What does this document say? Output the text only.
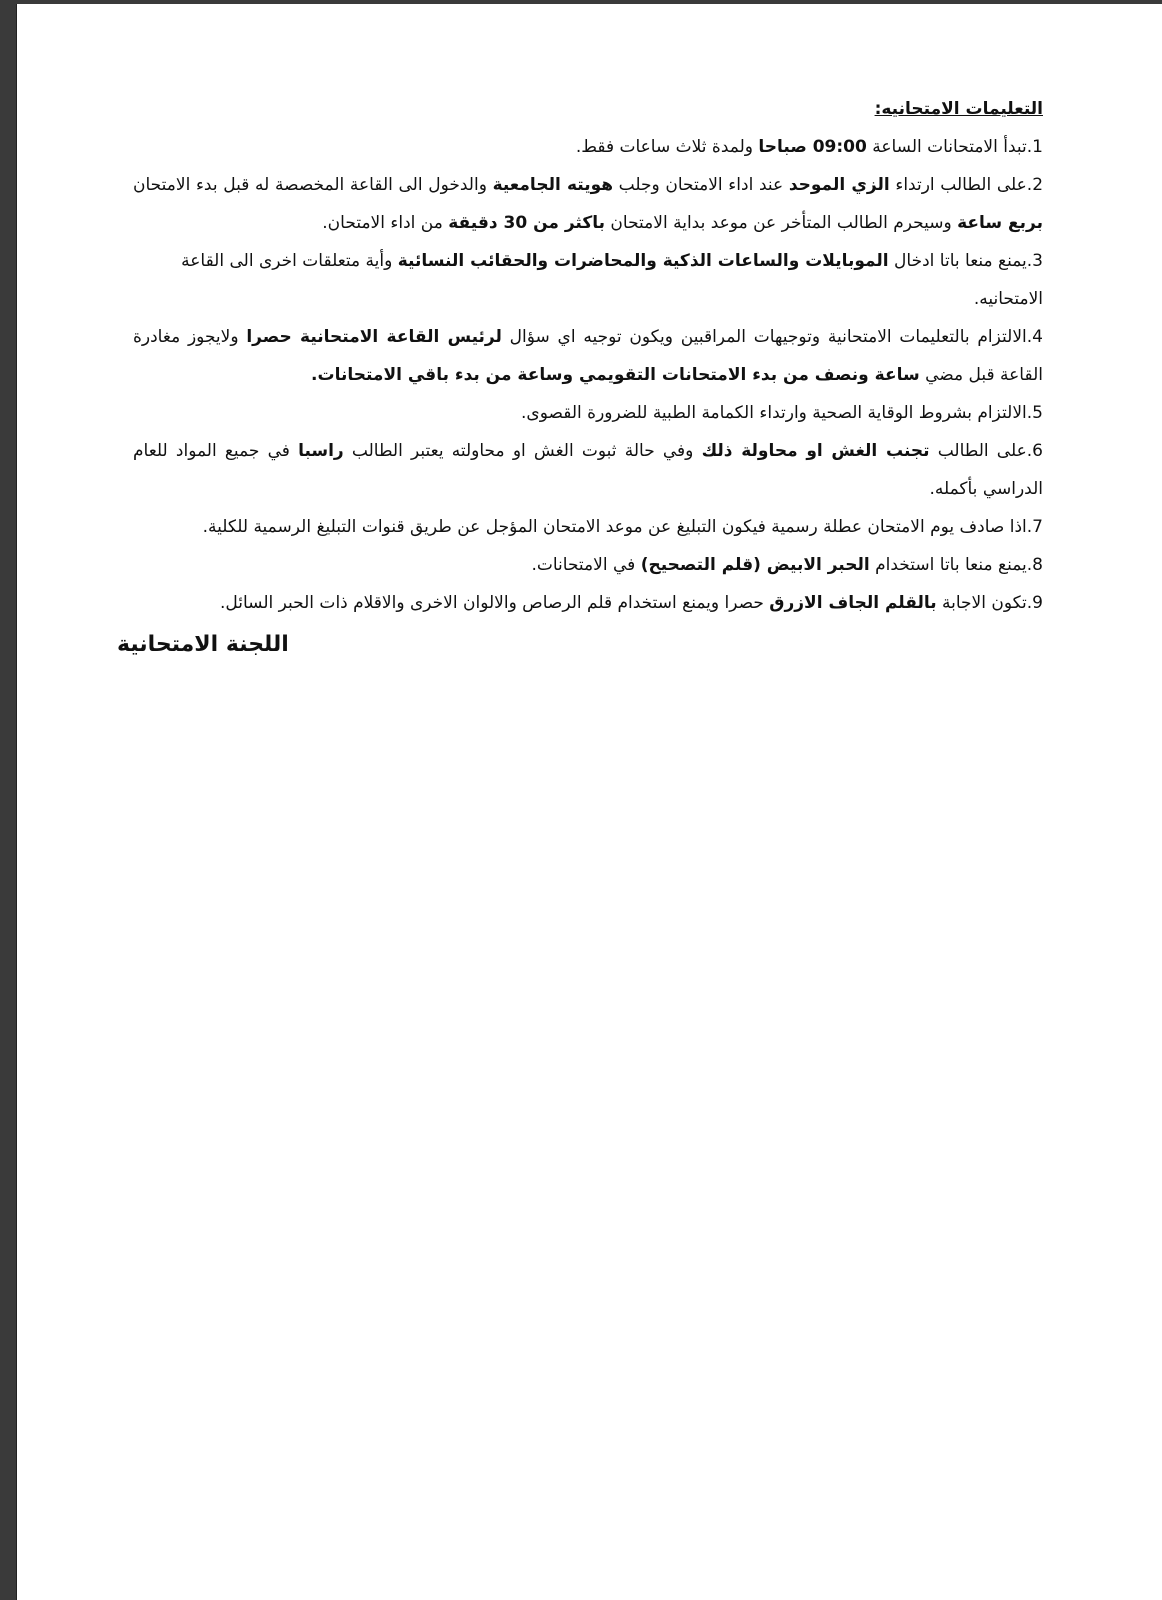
التعليمات الامتحانيه:
1.تبدأ الامتحانات الساعة 09:00 صباحا ولمدة ثلاث ساعات فقط.
2.على الطالب ارتداء الزي الموحد عند اداء الامتحان وجلب هويته الجامعية والدخول الى القاعة المخصصة له قبل بدء الامتحان بربع ساعة وسيحرم الطالب المتأخر عن موعد بداية الامتحان باكثر من 30 دقيقة من اداء الامتحان.
3.يمنع منعا باتا ادخال الموبايلات والساعات الذكية والمحاضرات والحقائب النسائية وأية متعلقات اخرى الى القاعة الامتحانيه.
4.الالتزام بالتعليمات الامتحانية وتوجيهات المراقبين ويكون توجيه اي سؤال لرئيس القاعة الامتحانية حصرا ولايجوز مغادرة القاعة قبل مضي ساعة ونصف من بدء الامتحانات التقويمي وساعة من بدء باقي الامتحانات.
5.الالتزام بشروط الوقاية الصحية وارتداء الكمامة الطبية للضرورة القصوى.
6.على الطالب تجنب الغش او محاولة ذلك وفي حالة ثبوت الغش او محاولته يعتبر الطالب راسبا في جميع المواد للعام الدراسي بأكمله.
7.اذا صادف يوم الامتحان عطلة رسمية فيكون التبليغ عن موعد الامتحان المؤجل عن طريق قنوات التبليغ الرسمية للكلية.
8.يمنع منعا باتا استخدام الحبر الابيض (قلم التصحيح) في الامتحانات.
9.تكون الاجابة بالقلم الجاف الازرق حصرا ويمنع استخدام قلم الرصاص والالوان الاخرى والاقلام ذات الحبر السائل.
اللجنة الامتحانية
